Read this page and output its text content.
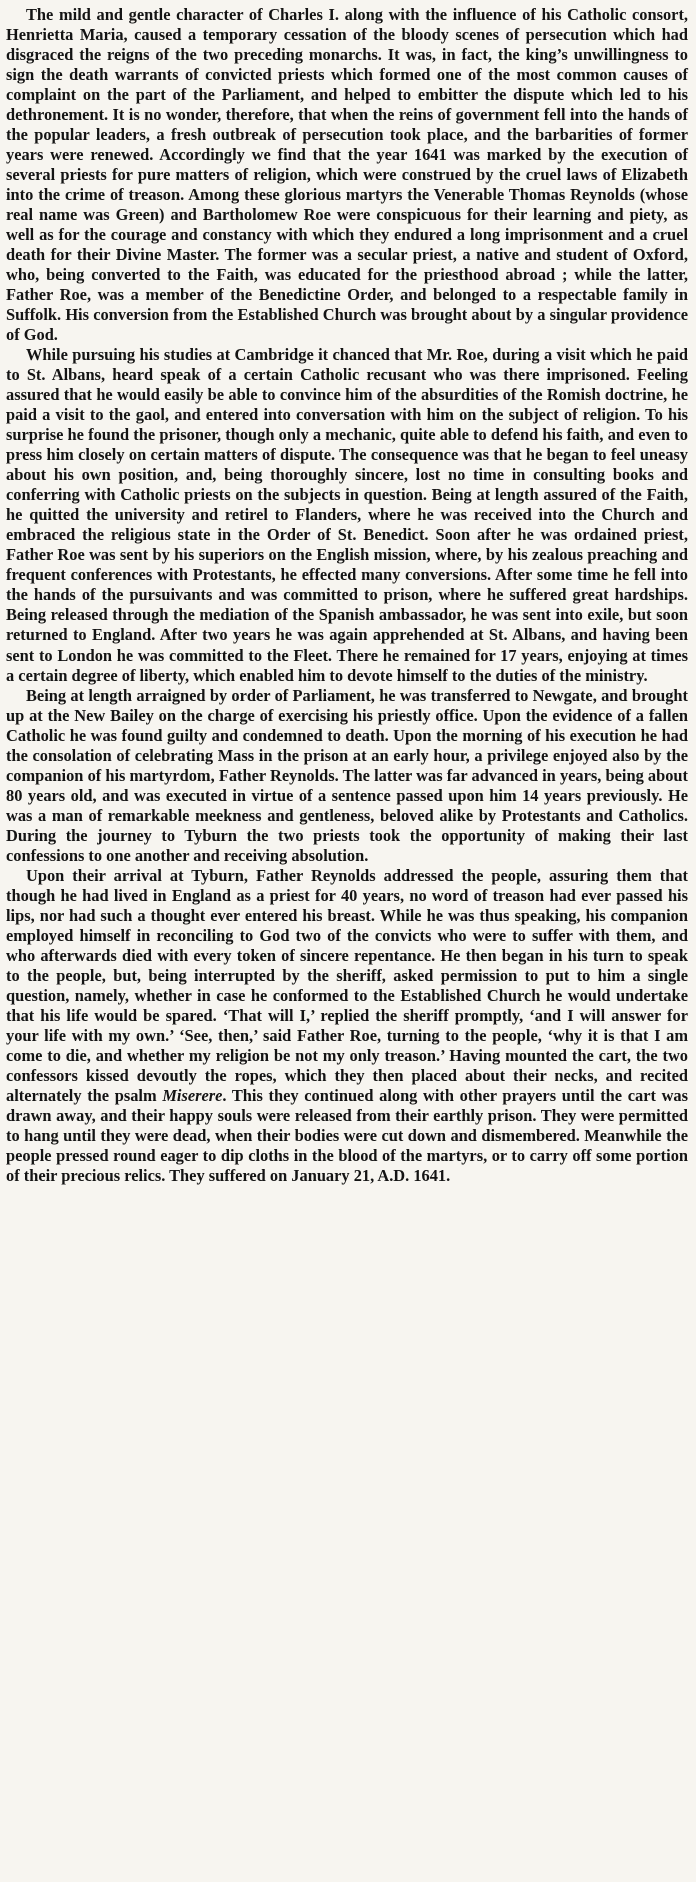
The mild and gentle character of Charles I. along with the influence of his Catholic consort, Henrietta Maria, caused a temporary cessation of the bloody scenes of persecution which had disgraced the reigns of the two preceding monarchs. It was, in fact, the king’s unwillingness to sign the death warrants of convicted priests which formed one of the most common causes of complaint on the part of the Parliament, and helped to embitter the dispute which led to his dethronement. It is no wonder, therefore, that when the reins of government fell into the hands of the popular leaders, a fresh outbreak of persecution took place, and the barbarities of former years were renewed. Accordingly we find that the year 1641 was marked by the execution of several priests for pure matters of religion, which were construed by the cruel laws of Elizabeth into the crime of treason. Among these glorious martyrs the Venerable Thomas Reynolds (whose real name was Green) and Bartholomew Roe were conspicuous for their learning and piety, as well as for the courage and constancy with which they endured a long imprisonment and a cruel death for their Divine Master. The former was a secular priest, a native and student of Oxford, who, being converted to the Faith, was educated for the priesthood abroad ; while the latter, Father Roe, was a member of the Benedictine Order, and belonged to a respectable family in Suffolk. His conversion from the Established Church was brought about by a singular providence of God.

While pursuing his studies at Cambridge it chanced that Mr. Roe, during a visit which he paid to St. Albans, heard speak of a certain Catholic recusant who was there imprisoned. Feeling assured that he would easily be able to convince him of the absurdities of the Romish doctrine, he paid a visit to the gaol, and entered into conversation with him on the subject of religion. To his surprise he found the prisoner, though only a mechanic, quite able to defend his faith, and even to press him closely on certain matters of dispute. The consequence was that he began to feel uneasy about his own position, and, being thoroughly sincere, lost no time in consulting books and conferring with Catholic priests on the subjects in question. Being at length assured of the Faith, he quitted the university and retirel to Flanders, where he was received into the Church and embraced the religious state in the Order of St. Benedict. Soon after he was ordained priest, Father Roe was sent by his superiors on the English mission, where, by his zealous preaching and frequent conferences with Protestants, he effected many conversions. After some time he fell into the hands of the pursuivants and was committed to prison, where he suffered great hardships. Being released through the mediation of the Spanish ambassador, he was sent into exile, but soon returned to England. After two years he was again apprehended at St. Albans, and having been sent to London he was committed to the Fleet. There he remained for 17 years, enjoying at times a certain degree of liberty, which enabled him to devote himself to the duties of the ministry.

Being at length arraigned by order of Parliament, he was transferred to Newgate, and brought up at the New Bailey on the charge of exercising his priestly office. Upon the evidence of a fallen Catholic he was found guilty and condemned to death. Upon the morning of his execution he had the consolation of celebrating Mass in the prison at an early hour, a privilege enjoyed also by the companion of his martyrdom, Father Reynolds. The latter was far advanced in years, being about 80 years old, and was executed in virtue of a sentence passed upon him 14 years previously. He was a man of remarkable meekness and gentleness, beloved alike by Protestants and Catholics. During the journey to Tyburn the two priests took the opportunity of making their last confessions to one another and receiving absolution.

Upon their arrival at Tyburn, Father Reynolds addressed the people, assuring them that though he had lived in England as a priest for 40 years, no word of treason had ever passed his lips, nor had such a thought ever entered his breast. While he was thus speaking, his companion employed himself in reconciling to God two of the convicts who were to suffer with them, and who afterwards died with every token of sincere repentance. He then began in his turn to speak to the people, but, being interrupted by the sheriff, asked permission to put to him a single question, namely, whether in case he conformed to the Established Church he would undertake that his life would be spared. ‘That will I,’ replied the sheriff promptly, ‘and I will answer for your life with my own.’ ‘See, then,’ said Father Roe, turning to the people, ‘why it is that I am come to die, and whether my religion be not my only treason.’ Having mounted the cart, the two confessors kissed devoutly the ropes, which they then placed about their necks, and recited alternately the psalm Miserere. This they continued along with other prayers until the cart was drawn away, and their happy souls were released from their earthly prison. They were permitted to hang until they were dead, when their bodies were cut down and dismembered. Meanwhile the people pressed round eager to dip cloths in the blood of the martyrs, or to carry off some portion of their precious relics. They suffered on January 21, A.D. 1641.
